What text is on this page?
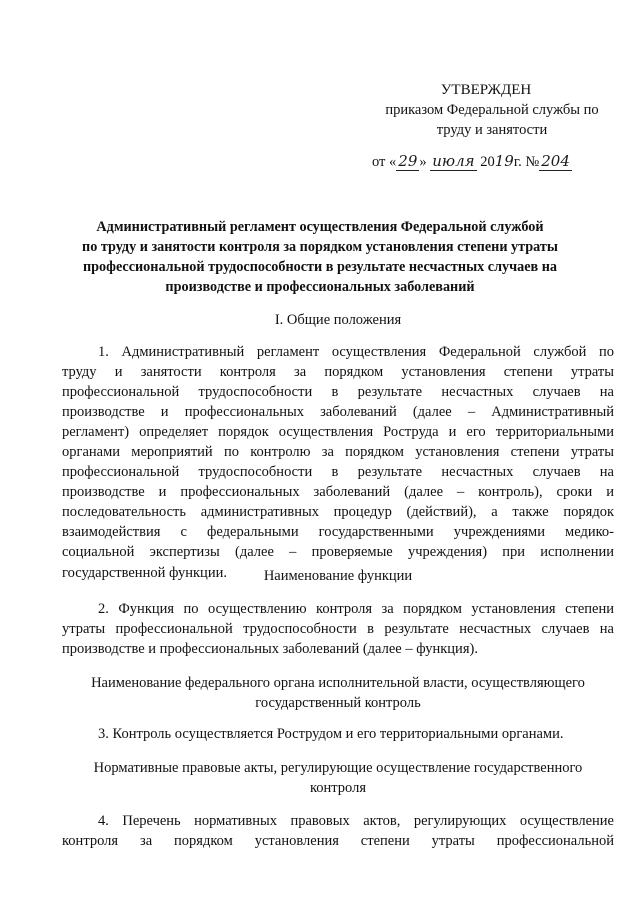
УТВЕРЖДЕН
приказом Федеральной службы по
труду и занятости
от « 29 » июля 2019г. № 204
Административный регламент осуществления Федеральной службой
по труду и занятости контроля за порядком установления степени утраты
профессиональной трудоспособности в результате несчастных случаев на
производстве и профессиональных заболеваний
I. Общие положения
1. Административный регламент осуществления Федеральной службой по
труду и занятости контроля за порядком установления степени утраты
профессиональной трудоспособности в результате несчастных случаев на
производстве и профессиональных заболеваний (далее – Административный
регламент) определяет порядок осуществления Роструда и его территориальными
органами мероприятий по контролю за порядком установления степени утраты
профессиональной трудоспособности в результате несчастных случаев на
производстве и профессиональных заболеваний (далее – контроль), сроки и
последовательность административных процедур (действий), а также порядок
взаимодействия с федеральными государственными учреждениями медико-
социальной экспертизы (далее – проверяемые учреждения) при исполнении
государственной функции.	Наименование функции
2. Функция по осуществлению контроля за порядком установления степени
утраты профессиональной трудоспособности в результате несчастных случаев на
производстве и профессиональных заболеваний (далее – функция).
Наименование федерального органа исполнительной власти, осуществляющего
государственный контроль
3. Контроль осуществляется Рострудом и его территориальными органами.
Нормативные правовые акты, регулирующие осуществление государственного
контроля
4. Перечень нормативных правовых актов, регулирующих осуществление
контроля за порядком установления степени утраты профессиональной
